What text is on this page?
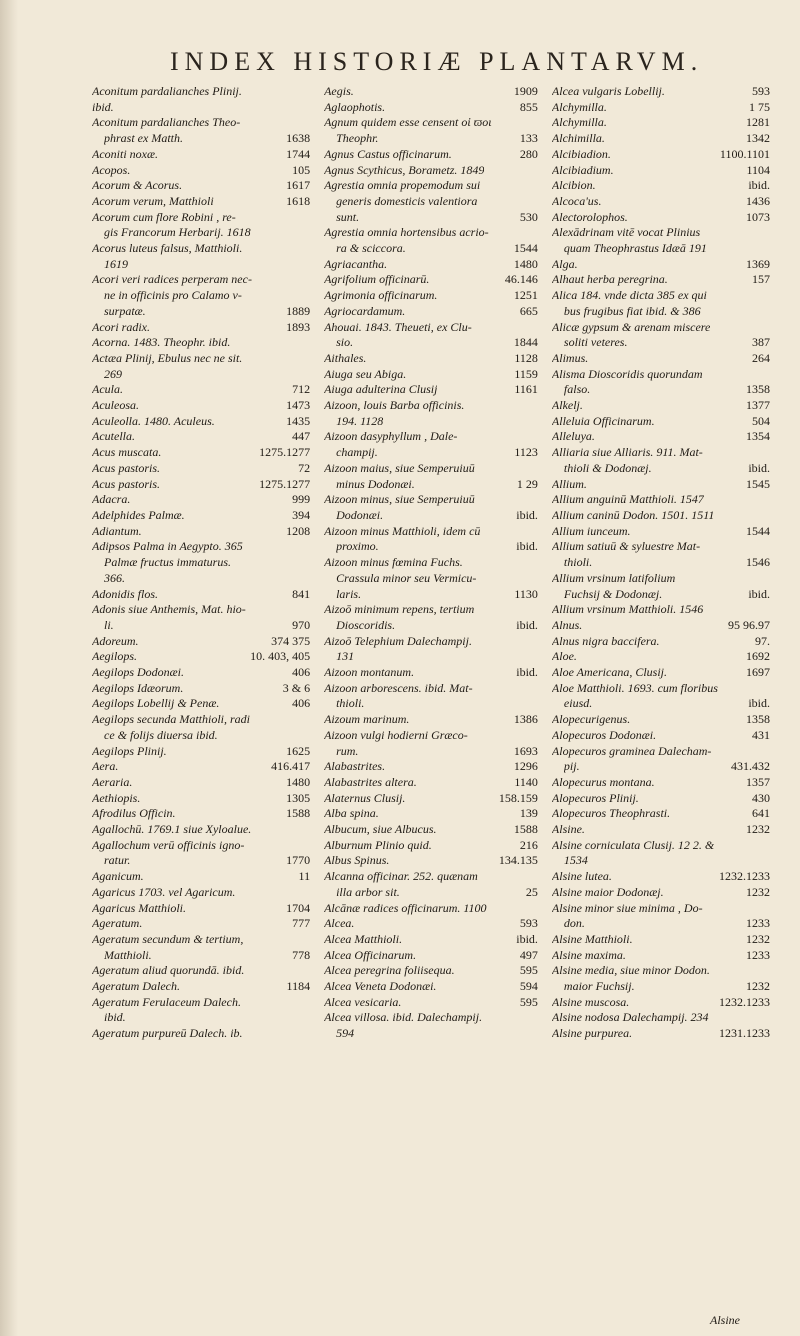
INDEX HISTORIÆ PLANTARVM.
Aconitum pardalianches Plinij.
ibid.
Aconitum pardalianches Theo-
phrast ex Matth.	1638
Aconiti noxæ.	1744
Acopos.	105
Acorum & Acorus.	1617
Acorum verum, Matthioli	1618
Acorum cum flore Robini , re-
gis Francorum Herbarij. 1618
Acorus luteus falsus, Matthioli.
1619
Acori veri radices perperam nec-
ne in officinis pro Calamo v-
surpatæ.	1889
Acori radix.	1893
Acorna. 1483. Theophr. ibid.
Actæa Plinij, Ebulus nec ne sit.
269
Acula.	712
Aculeosa.	1473
Aculeolla. 1480. Aculeus.	1435
Acutella.	447
Acus muscata.	1275.1277
Acus pastoris.	72
Acus pastoris.	1275.1277
Adacra.	999
Adelphides Palmæ.	394
Adiantum.	1208
Adipsos Palma in Aegypto. 365
Palmæ fructus immaturus.
366.
Adonidis flos.	841
Adonis siue Anthemis, Mat. hio-
li.	970
Adoreum.	374 375
Aegilops.	10. 403, 405
Aegilops Dodonæi.	406
Aegilops Idæorum.	3 & 6
Aegilops Lobellij & Penæ.	406
Aegilops secunda Matthioli, radi
ce & folijs diuersa ibid.
Aegilops Plinij.	1625
Aera.	416.417
Aeraria.	1480
Aethiopis.	1305
Afrodilus Officin.	1588
Agallochū. 1769.1 siue Xyloalue.
Agallochum verū officinis igno-
ratur.	1770
Aganicum.	11
Agaricus 1703. vel Agaricum.
Agaricus Matthioli.	1704
Ageratum.	777
Ageratum secundum & tertium,
Matthioli.	778
Ageratum aliud quorundā. ibid.
Ageratum Dalech.	1184
Ageratum Ferulaceum Dalech.
ibid.
Ageratum purpureū Dalech. ib.
Aegis.	1909
Aglaophotis.	855
Agnum quidem esse censent οἱ ϖοι
Theophr.	133
Agnus Castus officinarum.	280
Agnus Scythicus, Borametz. 1849
Agrestia omnia propemodum sui
generis domesticis valentiora
sunt.	530
Agrestia omnia hortensibus acrio-
ra & sciccora.	1544
Agriacantha.	1480
Agrifolium officinarū.	46.146
Agrimonia officinarum.	1251
Agriocardamum.	665
Ahouai. 1843. Theueti, ex Clu-
sio.	1844
Aithales.	1128
Aiuga seu Abiga.	1159
Aiuga adulterina Clusij	1161
Aizoon, louis Barba officinis.
194. 1128
Aizoon dasyphyllum , Dale-
champij.	1123
Aizoon maius, siue Semperuiuū
minus Dodonæi.	1 29
Aizoon minus, siue Semperuiuū
Dodonæi.	ibid.
Aizoon minus Matthioli, idem cū
proximo.	ibid.
Aizoon minus fœmina Fuchs.
Crassula minor seu Vermicu-
laris.	1130
Aizoō minimum repens, tertium
Dioscoridis.	ibid.
Aizoō Telephium Dalechampij.
131
Aizoon montanum.	ibid.
Aizoon arborescens. ibid. Mat-
thioli.
Aizoum marinum.	1386
Aizoon vulgi hodierni Græco-
rum.	1693
Alabastrites.	1296
Alabastrites altera.	1140
Alaternus Clusij.	158.159
Alba spina.	139
Albucum, siue Albucus.	1588
Alburnum Plinio quid.	216
Albus Spinus.	134.135
Alcanna officinar. 252. quænam
illa arbor sit.	25
Alcānæ radices officinarum. 1100
Alcea.	593
Alcea Matthioli.	ibid.
Alcea Officinarum.	497
Alcea peregrina foliisequa.	595
Alcea Veneta Dodonæi.	594
Alcea vesicaria.	595
Alcea villosa. ibid. Dalechampij.
594
Alcea vulgaris Lobellij.	593
Alchymilla.	1 75
Alchymilla.	1281
Alchimilla.	1342
Alcibiadion.	1100.1101
Alcibiadium.	1104
Alcibion.	ibid.
Alcoca'us.	1436
Alectorolophos.	1073
Alexādrinam vitē vocat Plinius
quam Theophrastus Idæā 191
Alga.	1369
Alhaut herba peregrina.	157
Alica 184. vnde dicta 385 ex qui
bus frugibus fiat ibid. & 386
Alicæ gypsum & arenam miscere
soliti veteres.	387
Alimus.	264
Alisma Dioscoridis quorundam
falso.	1358
Alkelj.	1377
Alleluia Officinarum.	504
Alleluya.	1354
Alliaria siue Alliaris. 911. Mat-
thioli & Dodonæj.	ibid.
Allium.	1545
Allium anguinū Matthioli. 1547
Allium caninū Dodon. 1501. 1511
Allium iunceum.	1544
Allium satiuū & syluestre Mat-
thioli.	1546
Allium vrsinum latifolium
Fuchsij & Dodonæj.	ibid.
Allium vrsinum Matthioli. 1546
Alnus.	95 96.97
Alnus nigra baccifera.	97.
Aloe.	1692
Aloe Americana, Clusij.	1697
Aloe Matthioli. 1693. cum floribus
eiusd.	ibid.
Alopecurigenus.	1358
Alopecuros Dodonæi.	431
Alopecuros graminea Dalecham-
pij.	431.432
Alopecurus montana.	1357
Alopecuros Plinij.	430
Alopecuros Theophrasti.	641
Alsine.	1232
Alsine corniculata Clusij. 12 2. &
1534
Alsine lutea.	1232.1233
Alsine maior Dodonæj.	1232
Alsine minor siue minima , Do-
don.	1233
Alsine Matthioli.	1232
Alsine maxima.	1233
Alsine media, siue minor Dodon.
maior Fuchsij.	1232
Alsine muscosa.	1232.1233
Alsine nodosa Dalechampij. 234
Alsine purpurea.	1231.1233
Alsine
